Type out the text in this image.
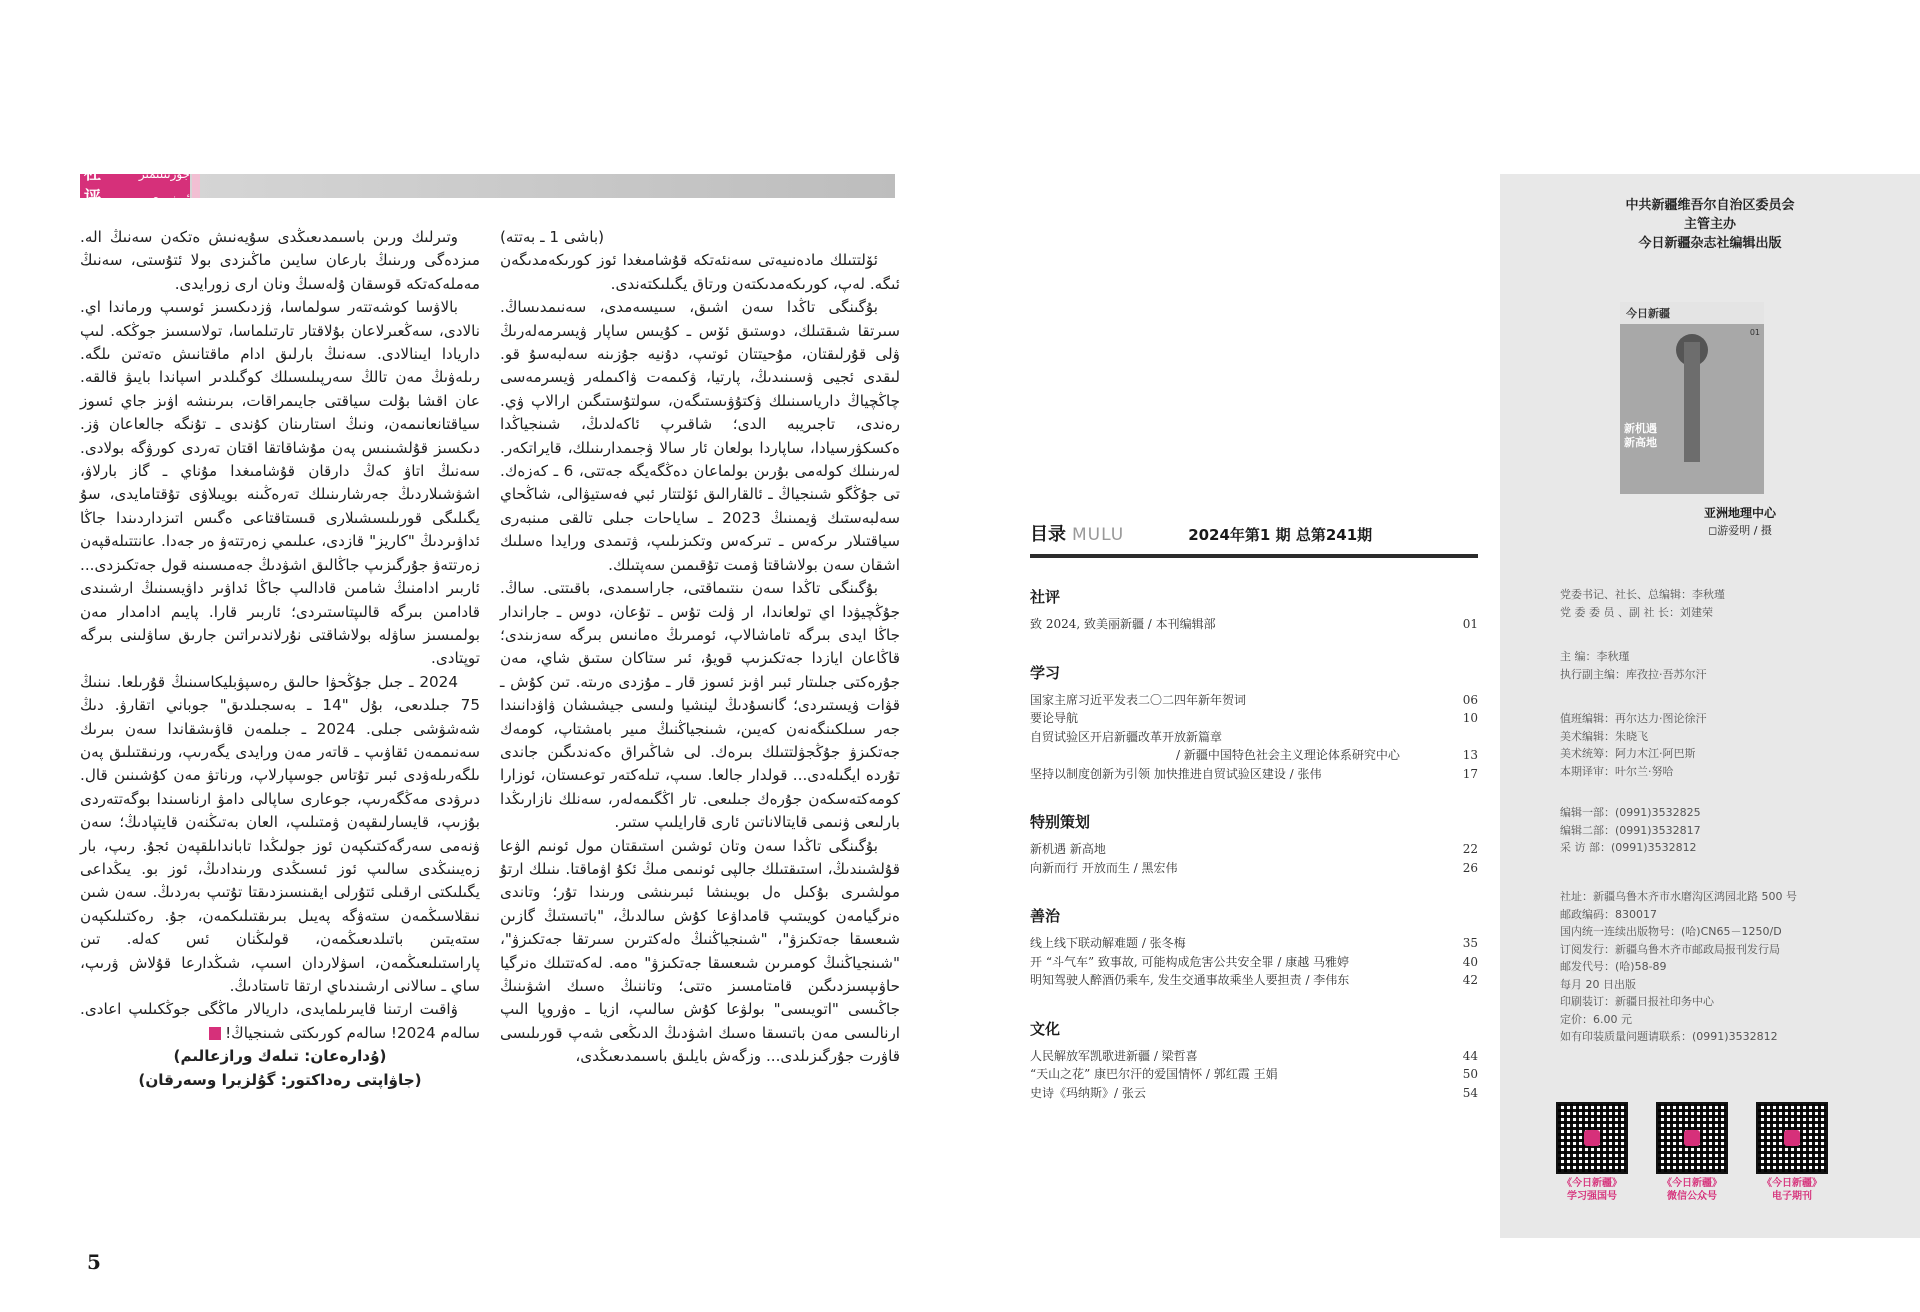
社评
جۇرنىلىمىز ئوبزورى

(باشى 1 ـ بەتتە)

ئۆلتتىلك مادەنىيەتى سەنئەتكە قۇشامىغدا ئوز كورىكەمدىگەن ئىگە. لەپ، كورىكەمدىكتەن ورتاق يگىلىكتەندى.

بۇگىنگى تاڭدا سەن اشىق، سىيسەمدى، سەنىمدىساڭ. سىرتقا شىقتىلك، دوستىق ئۆس ـ كۇيىس ساپار ۋيسرمەلەرىڭ ۋلى قۇرلىقتان، مۇحيتتان ئوتىپ، دۇنيە جۇزىنە سەلبەسۇ قو. لىقدى ئجيى ۋسىنىدىڭ، پارتيا، ۋكىمەت ۋاكىملەر ۋيسرمەسى چاڭچياڭ دارياسىنىلك ۋكتۇۋىستىگەن، سولتۇستىگىن ارالاپ ۋي. رەندى، تاجىريبە الدى؛ شاقىرپ ئاكەلدىڭ، شىنجياڭدا ەكسكۋرسيادا، ساپاردا بولعان ئار سالا ۋجىمدارىنىلك، قايراتكەر. لەرىنىلك كولەمى بۇرىن بولماعان دەڭگەيگە جەتتى، 6 ـ كەزەك. تى جۇڭگو شىنجياڭ ـ ئالقارالىق ئۆلتتار ئبي فەستيۋالى، شاڭحاي سەلبەستىك ۋيمىنىڭ 2023 ـ ساياحات جىلى تالقى مىنبەرى سياقتىلار ىركەس ـ تىركەس وتكىزىلىپ، ۋتىمدى ورايدا ەسلىك اشقان سەن بولاشاقتا ۋمىت تۇقىمىن سەپتىلك.

بۇگىنگى تاڭدا سەن ىنتىماقتى، جاراسىمدى، باقىتتى. ساڭ. جۇڭچيۋدا اي تولعاندا، ار ۋلت تۇس ـ تۇعان، دوس ـ جاراندار جاڭا ايدى بىرگە تاماشالاپ، ئومىرىڭ ەمانىس بىرگە سەزىندى؛ قاڭاعان ايازدا جەتكىزىپ قويۇ، ئىر ستاكان ستىق شاي، مەن جۇرەكتى جىلىتار ئبىر اۋىز ئسوز قار ـ مۇزدى ەرىتە. تىن كۇش ـ قۋات ۋيستىردى؛ گانسۇدىڭ لينشيا ولىسى جيشىشان ۋاۋدانىندا جەر سىلكىنگەنەن كەيىن، شىنجياڭنىڭ مىير بامشتاپ، كومەك جەتكىزۋ جۇڭجۋلتتىلك بىرەك. لى شاڭىراق ەكەندىگىن جاندى تۇردە ايگىلەدى... قولدار جالعا. سىپ، تىلەكتەر توعىستان، ئوزارا كومەكتەسكەن جۇرەك جىلىعى. تار اڭگىمەلەر، سەنلك نازارىڭدا بارلىعى ۋنىمى قايتالاناتىن ئارى قارايلىپ ستىر.

بۇگىنگى تاڭدا سەن وتان ئوشىن استىقتان مول ئونىم الۋعا قۇلشىندىڭ، استىقتىلك جالپى ئونىمى مىڭ ئكۇ اۋماقتا. ىنىلك ارتۇ مولشىرى بۇكىل ەل بويىنشا ئبىرىنشى ورىندا تۇر؛ وتاندى ەنرگيامەن كويىتىپ قامداۋعا كۇش سالدىڭ، "باتىستىڭ گازىن شىعسقا جەتكىزۋ"، "شىنجياڭنىڭ ەلەكترىن سىرتقا جەتكىزۋ"، "شىنجياڭنىڭ كومىرىن شىعسقا جەتكىزۋ" ەمە. لەكەتتىلك ەنرگيا حاۋىپسىزدىگىن قامتامسىز ەتتى؛ وتاننىڭ ەسىك اشۋىنىڭ جاڭىسى "اتويىسى" بولۋعا كۇش سالىپ، ازيا ـ ەۋروپا الىپ ارنالىسى مەن باتىسقا ەسىك اشۋدىڭ الدىڭعى شەپ قورىلىسى قاۋرت جۇرگىزىلدى... وزگەش بايلىق باسىمدىعىڭدى،

وتىرلىك ورىن باسىمدىعىڭدى سۇيەنىش ەتكەن سەنىڭ الە. مىزدەگى ورىنىڭ بارعان سايىن ماڭىزدى بولا ئتۇستى، سەنىڭ مەملەكەتكە قوسقان ۇلەسىڭ ونان ارى زورايدى.

بالاۋسا كوشەتتەر سولماسا، ۋزدىكسىز ئوسىپ ورماندا اي. نالادى، سەڭعىرلاعان بۇلاقتار تارتىلماسا، تولاسسىز جوڭكە. لىپ داريادا ايىنالادى. سەنىڭ بارلىق ادام ماقتانىش ەتەتىن ىلگە. رىلەۋىڭ مەن تالڭ سەرپىلىسىلك كوگىلدىر اسپاندا بايىۋ قالقە. عان اقشا بۇلت سياقتى جايىمراقات، بىرىنشە اۋىز جاي ئسوز سياقتانعانىمەن، ونىڭ استارىنان كۇندى ـ تۇنگە جالعاعان ۋز. دىكسىز قۇلشىنىس پەن مۇشاقاتقا اقتان تەردى كورۋگە بولادى. سەنىڭ اتاۋ كەڭ دارقان قۇشامىغدا مۇناي ـ گاز بارلاۋ، اشۋشىلاردىڭ جەرشارىنىلك تەرەڭىنە بويىلاۋى تۇقتامايدى، سۇ يگىلىگى قورىلىسشىلارى قىستاقتاعى ەگىس اتىزداردىندا جاڭا ئداۋىردىڭ "كاريز" قازدى، عىلىمي زەرتتەۋ ەر جەدا. عانتتىلەقپەن زەرتتەۋ جۇرگىزىپ جاڭالىق اشۋدىڭ جەمىسىنە قول جەتكىزدى... ئاربىر ادامنىڭ شامىن قادالىپ جاڭا ئداۋىر داۋيسىنىڭ ارشىندى قادامىن بىرگە قالىپتاستىردى؛ ئاربىر قارا. پايىم ادامدار مەن بولمىسىز ساۋلە بولاشاقتى نۇرلاندىراتىن جارىق ساۋلىنى بىرگە توپتادى.

2024 ـ جىل جۇڭحۋا حالىق رەسپۋبليكاسىنىڭ قۇرىلعا. نىنىڭ 75 جىلدىعى، بۇل "14 ـ بەسجىلدىق" جوباني اتقارۋ. دىڭ شەشۋشى جىلى. 2024 ـ جىلمەن قاۋىشقاندا سەن بىرىك سەنىممەن ئقاۋىپ ـ قاتەر مەن ورايدى يگەرىپ، ورنىقتىلىق پەن ىلگەرىلەۋدى ئبىر تۇتاس جوسپارلاپ، ورناتۋ مەن كۇشىنىن قال. دىرۋدى مەڭگەرىپ، جوعارى ساپالى دامۋ ارناسىندا بوگەتتەردى بۇزىپ، قايسارلىقپەن ۋمتىلىپ، العان بەتىڭنەن قايتپادىڭ؛ سەن ۋنەمى سەرگەكتىكپەن ئوز جولىڭدا تابانداىلقپەن ئجۇ. رىپ، بار زەيىنىڭدى سالىپ ئوز ئىسىڭدى ورىندادىڭ، ئوز بو. يىڭداعى يگىلىكتى ارقىلى ئتۇرلى ايقىنسىزدىقتا تۇتىپ بەردىڭ. سەن شىن نىقلاسىڭمەن ستەۋگە پەيىل بىرىقتىلىكمەن، جۇ. رەكتىلىكپەن ستەيتىن باتىلدىعىڭمەن، قولىڭنان ئس كەلە. تىن پاراستىلىعىڭمەن، اسۋلاردان اسىپ، شىڭدارعا قۇلاش ۋرىپ، ساي ـ سالانى ارشىندىاي ارتقا تاستادىڭ.

ۋاقىت ارتىنا قايىرىلمايدى، داريالار ماڭگى جوڭكىلىپ اعادى. سالەم 2024! سالەم كورىكتى شىنجياڭ!

(ۇدارەعان: تىلەك ورازعالىم)

(جاۋاپتى رەداكتور: گۇلزيرا وسەرقان)

5
目录 MULU	2024年第1 期 总第241期
社评
致 2024, 致美丽新疆 / 本刊编辑部	01
学习
国家主席习近平发表二〇二四年新年贺词	06
要论导航	10
自贸试验区开启新疆改革开放新篇章
/ 新疆中国特色社会主义理论体系研究中心	13
坚持以制度创新为引领 加快推进自贸试验区建设 / 张伟	17
特别策划
新机遇 新高地	22
向新而行 开放而生 / 黑宏伟	26
善治
线上线下联动解难题 / 张冬梅	35
开 “斗气车” 致事故, 可能构成危害公共安全罪 / 康越 马雅婷	40
明知驾驶人醉酒仍乘车, 发生交通事故乘坐人要担责 / 李伟东	42
文化
人民解放军凯歌进新疆 / 梁哲喜	44
“天山之花” 康巴尔汗的爱国情怀 / 郭红霞 王娟	50
史诗《玛纳斯》/ 张云	54
中共新疆维吾尔自治区委员会
主管主办
今日新疆杂志社编辑出版
今日新疆
01
新机遇
新高地
亚洲地理中心
◻游爱明 / 摄
党委书记、社长、总编辑：李秋瑾
党 委 委 员 、副 社 长：刘建荣
主 编：李秋瑾
执行副主编：库孜拉·吾苏尔汗
值班编辑：再尔达力·图论徐汗
美术编辑：朱晓飞
美术统筹：阿力木江·阿巴斯
本期译审：叶尔兰·努哈
编辑一部：(0991)3532825
编辑二部：(0991)3532817
采 访 部：(0991)3532812
社址：新疆乌鲁木齐市水磨沟区鸿园北路 500 号
邮政编码：830017
国内统一连续出版物号：(哈)CN65－1250/D
订阅发行：新疆乌鲁木齐市邮政局报刊发行局
邮发代号：(哈)58-89
每月 20 日出版
印刷装订：新疆日报社印务中心
定价：6.00 元
如有印装质量问题请联系：(0991)3532812
《今日新疆》
学习强国号
《今日新疆》
微信公众号
《今日新疆》
电子期刊
